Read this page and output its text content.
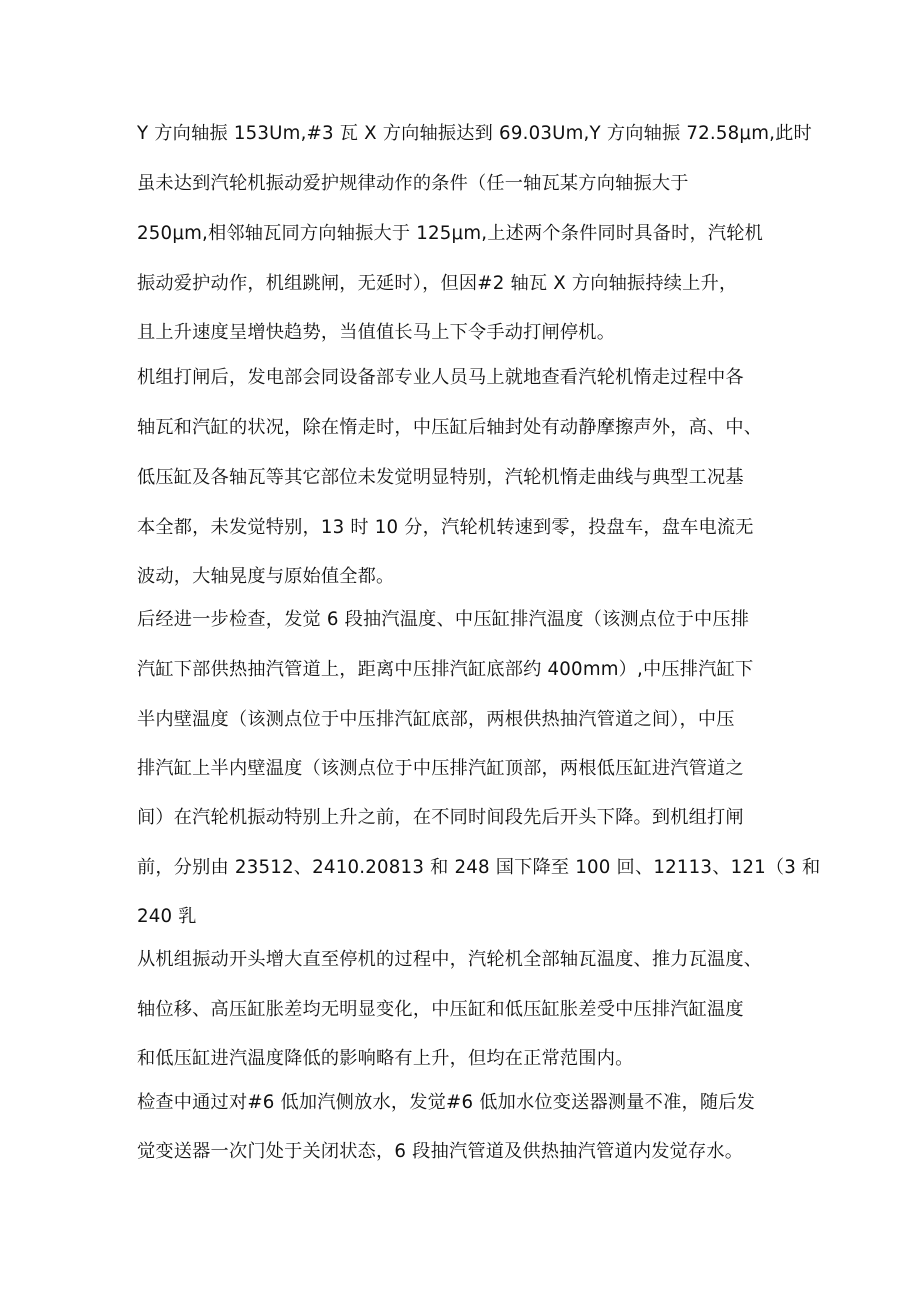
Y 方向轴振 153Um,#3 瓦 X 方向轴振达到 69.03Um,Y 方向轴振 72.58μm,此时
虽未达到汽轮机振动爱护规律动作的条件（任一轴瓦某方向轴振大于
250μm,相邻轴瓦同方向轴振大于 125μm,上述两个条件同时具备时，汽轮机
振动爱护动作，机组跳闸，无延时），但因#2 轴瓦 X 方向轴振持续上升，
且上升速度呈增快趋势，当值值长马上下令手动打闸停机。
机组打闸后，发电部会同设备部专业人员马上就地查看汽轮机惰走过程中各
轴瓦和汽缸的状况，除在惰走时，中压缸后轴封处有动静摩擦声外，高、中、
低压缸及各轴瓦等其它部位未发觉明显特别，汽轮机惰走曲线与典型工况基
本全都，未发觉特别，13 时 10 分，汽轮机转速到零，投盘车，盘车电流无
波动，大轴晃度与原始值全都。
后经进一步检查，发觉 6 段抽汽温度、中压缸排汽温度（该测点位于中压排
汽缸下部供热抽汽管道上，距离中压排汽缸底部约 400mm）,中压排汽缸下
半内壁温度（该测点位于中压排汽缸底部，两根供热抽汽管道之间），中压
排汽缸上半内壁温度（该测点位于中压排汽缸顶部，两根低压缸进汽管道之
间）在汽轮机振动特别上升之前，在不同时间段先后开头下降。到机组打闸
前，分别由 23512、2410.20813 和 248 国下降至 100 回、12113、121（3 和
240 乳
从机组振动开头增大直至停机的过程中，汽轮机全部轴瓦温度、推力瓦温度、
轴位移、高压缸胀差均无明显变化，中压缸和低压缸胀差受中压排汽缸温度
和低压缸进汽温度降低的影响略有上升，但均在正常范围内。
检查中通过对#6 低加汽侧放水，发觉#6 低加水位变送器测量不准，随后发
觉变送器一次门处于关闭状态，6 段抽汽管道及供热抽汽管道内发觉存水。
